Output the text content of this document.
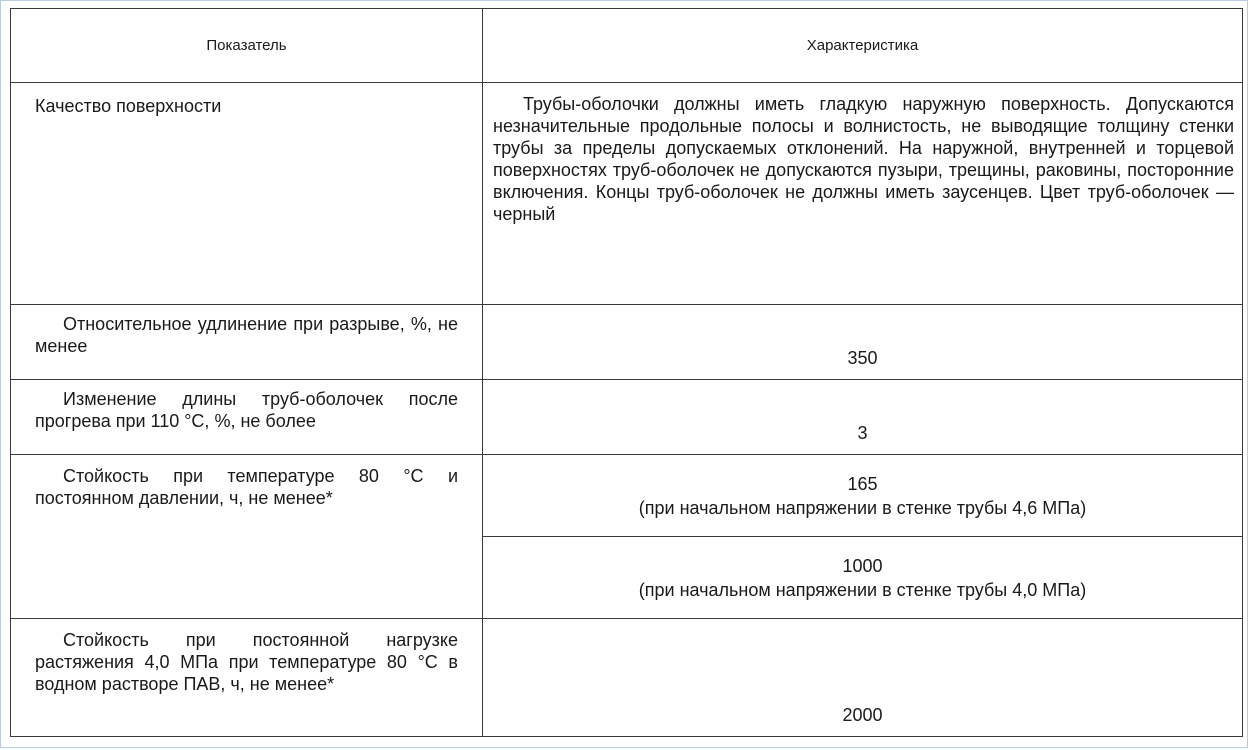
Показатель	Характеристика
Качество поверхности	Трубы-оболочки должны иметь гладкую наружную поверхность. Допускаются незначительные продольные полосы и волнистость, не выводящие толщину стенки трубы за пределы допускаемых отклонений. На наружной, внутренней и торцевой поверхностях труб-оболочек не допускаются пузыри, трещины, раковины, посторонние включения. Концы труб-оболочек не должны иметь заусенцев. Цвет труб-оболочек — черный

Относительное удлинение при разрыве, %, не менее	350

Изменение длины труб-оболочек после прогрева при 110 °С, %, не более	3

Стойкость при температуре 80 °С и постоянном давлении, ч, не менее*	165
(при начальном напряжении в стенке трубы 4,6 МПа)

	1000
(при начальном напряжении в стенке трубы 4,0 МПа)

Стойкость при постоянной нагрузке растяжения 4,0 МПа при температуре 80 °С в водном растворе ПАВ, ч, не менее*	2000
